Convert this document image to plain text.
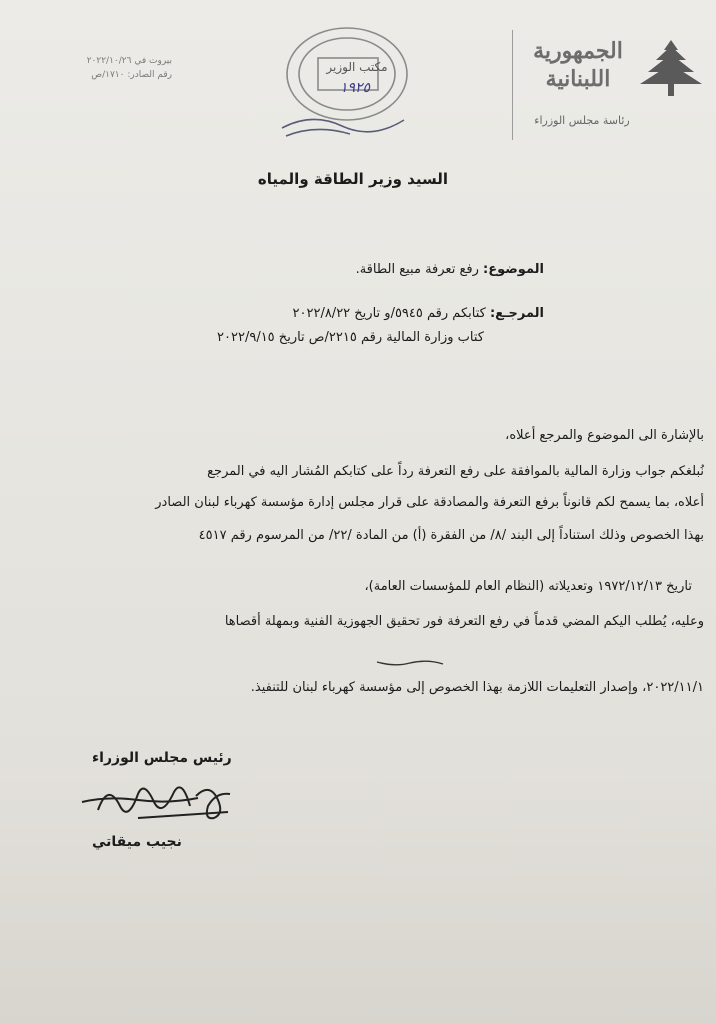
الجمهورية
اللبنانية
رئاسة مجلس الوزراء
بيروت في ٢٠٢٢/١٠/٢٦
رقم الصادر: ١٧١٠/ص
مكتب الوزير
١٩٢٥
السيد وزير الطاقة والمياه
الموضوع: رفع تعرفة مبيع الطاقة.
المرجـع: كتابكم رقم ٥٩٤٥/و تاريخ ٢٠٢٢/٨/٢٢
كتاب وزارة المالية رقم ٢٢١٥/ص تاريخ ٢٠٢٢/٩/١٥
بالإشارة الى الموضوع والمرجع أعلاه،
نُبلغكم جواب وزارة المالية بالموافقة على رفع التعرفة رداً على كتابكم المُشار اليه في المرجع
أعلاه، بما يسمح لكم قانوناً برفع التعرفة والمصادقة على قرار مجلس إدارة مؤسسة كهرباء لبنان الصادر
بهذا الخصوص وذلك استناداً إلى البند /٨/ من الفقرة (أ) من المادة /٢٢/ من المرسوم رقم ٤٥١٧
تاريخ ١٩٧٢/١٢/١٣ وتعديلاته (النظام العام للمؤسسات العامة)،
وعليه، يُطلب اليكم المضي قدماً في رفع التعرفة فور تحقيق الجهوزية الفنية وبمهلة أقصاها
٢٠٢٢/١١/١، وإصدار التعليمات اللازمة بهذا الخصوص إلى مؤسسة كهرباء لبنان للتنفيذ.
رئيس مجلس الوزراء
نجيب ميقاتي
